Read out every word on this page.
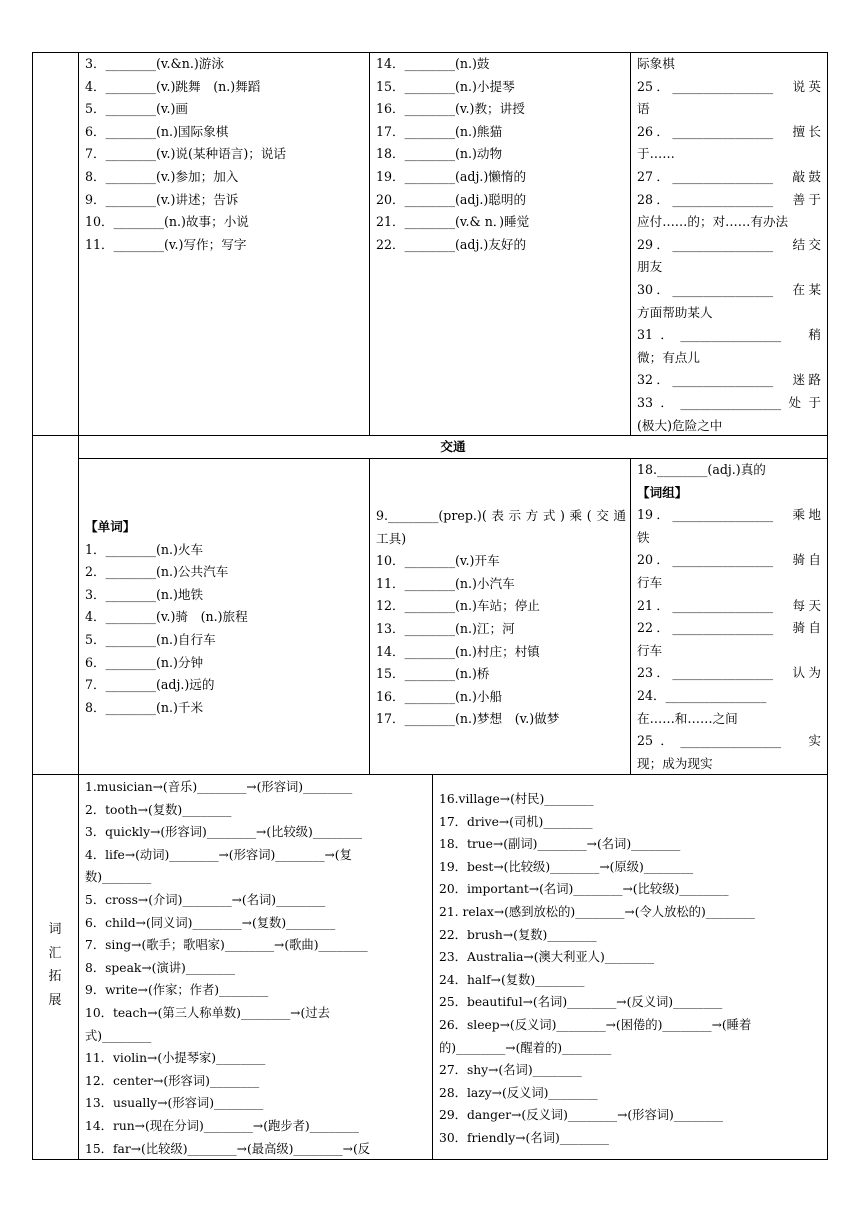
3．________(v.&n.)游泳
4．________(v.)跳舞　(n.)舞蹈
5．________(v.)画
6．________(n.)国际象棋
7．________(v.)说(某种语言)；说话
8．________(v.)参加；加入
9．________(v.)讲述；告诉
10．________(n.)故事；小说
11．________(v.)写作；写字
14．________(n.)鼓
15．________(n.)小提琴
16．________(v.)教；讲授
17．________(n.)熊猫
18．________(n.)动物
19．________(adj.)懒惰的
20．________(adj.)聪明的
21．________(v.& n．)睡觉
22．________(adj.)友好的
际象棋
25．________________　说英
语
26．________________　擅长
于……
27．________________　敲鼓
28．________________　善于
应付……的；对……有办法
29．________________　结交
朋友
30．________________　在某
方面帮助某人
31．________________　稍
微；有点儿
32．________________　迷路
33．________________处于
(极大)危险之中
交通
【单词】
1．________(n.)火车
2．________(n.)公共汽车
3．________(n.)地铁
4．________(v.)骑　(n.)旅程
5．________(n.)自行车
6．________(n.)分钟
7．________(adj.)远的
8．________(n.)千米
9.________(prep.)(表示方式)乘(交通
工具)
10．________(v.)开车
11．________(n.)小汽车
12．________(n.)车站；停止
13．________(n.)江；河
14．________(n.)村庄；村镇
15．________(n.)桥
16．________(n.)小船
17．________(n.)梦想　(v.)做梦
18.________(adj.)真的
【词组】
19．________________　乘地
铁
20．________________　骑自
行车
21．________________　每天
22．________________　骑自
行车
23．________________　认为
24．________________
在……和……之间
25．________________　实
现；成为现实
词
汇
拓
展
1.musician→(音乐)________→(形容词)________
2．tooth→(复数)________
3．quickly→(形容词)________→(比较级)________
4．life→(动词)________→(形容词)________→(复
数)________
5．cross→(介词)________→(名词)________
6．child→(同义词)________→(复数)________
7．sing→(歌手；歌唱家)________→(歌曲)________
8．speak→(演讲)________
9．write→(作家；作者)________
10．teach→(第三人称单数)________→(过去
式)________
11．violin→(小提琴家)________
12．center→(形容词)________
13．usually→(形容词)________
14．run→(现在分词)________→(跑步者)________
15．far→(比较级)________→(最高级)________→(反
16.village→(村民)________
17．drive→(司机)________
18．true→(副词)________→(名词)________
19．best→(比较级)________→(原级)________
20．important→(名词)________→(比较级)________
21. relax→(感到放松的)________→(令人放松的)________
22．brush→(复数)________
23．Australia→(澳大利亚人)________
24．half→(复数)________
25．beautiful→(名词)________→(反义词)________
26．sleep→(反义词)________→(困倦的)________→(睡着
的)________→(醒着的)________
27．shy→(名词)________
28．lazy→(反义词)________
29．danger→(反义词)________→(形容词)________
30．friendly→(名词)________
